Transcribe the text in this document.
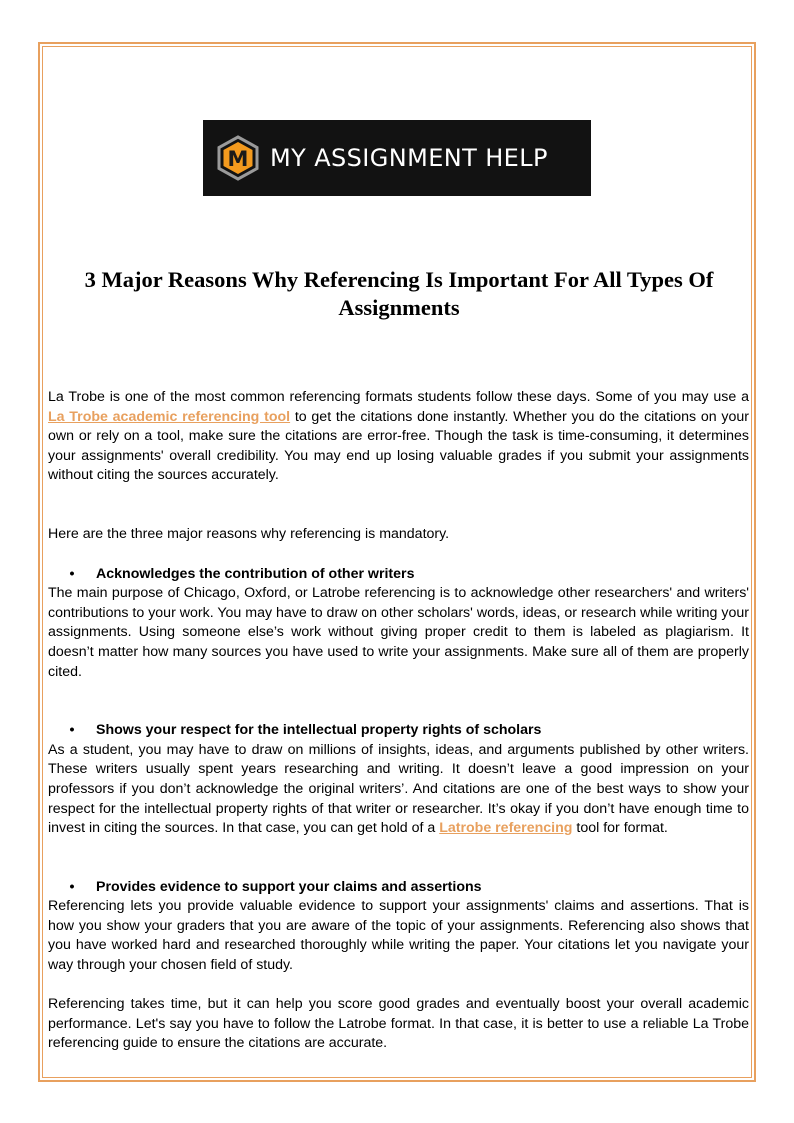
M MY ASSIGNMENT HELP
3 Major Reasons Why Referencing Is Important For All Types Of Assignments

La Trobe is one of the most common referencing formats students follow these days. Some of you may use a La Trobe academic referencing tool to get the citations done instantly. Whether you do the citations on your own or rely on a tool, make sure the citations are error-free. Though the task is time-consuming, it determines your assignments' overall credibility. You may end up losing valuable grades if you submit your assignments without citing the sources accurately.

Here are the three major reasons why referencing is mandatory.

•	Acknowledges the contribution of other writers

The main purpose of Chicago, Oxford, or Latrobe referencing is to acknowledge other researchers' and writers' contributions to your work. You may have to draw on other scholars' words, ideas, or research while writing your assignments. Using someone else’s work without giving proper credit to them is labeled as plagiarism. It doesn’t matter how many sources you have used to write your assignments. Make sure all of them are properly cited.

•	Shows your respect for the intellectual property rights of scholars

As a student, you may have to draw on millions of insights, ideas, and arguments published by other writers. These writers usually spent years researching and writing. It doesn’t leave a good impression on your professors if you don’t acknowledge the original writers’. And citations are one of the best ways to show your respect for the intellectual property rights of that writer or researcher. It’s okay if you don’t have enough time to invest in citing the sources. In that case, you can get hold of a Latrobe referencing tool for format.

•	Provides evidence to support your claims and assertions

Referencing lets you provide valuable evidence to support your assignments' claims and assertions. That is how you show your graders that you are aware of the topic of your assignments. Referencing also shows that you have worked hard and researched thoroughly while writing the paper. Your citations let you navigate your way through your chosen field of study.

Referencing takes time, but it can help you score good grades and eventually boost your overall academic performance. Let's say you have to follow the Latrobe format. In that case, it is better to use a reliable La Trobe referencing guide to ensure the citations are accurate.
